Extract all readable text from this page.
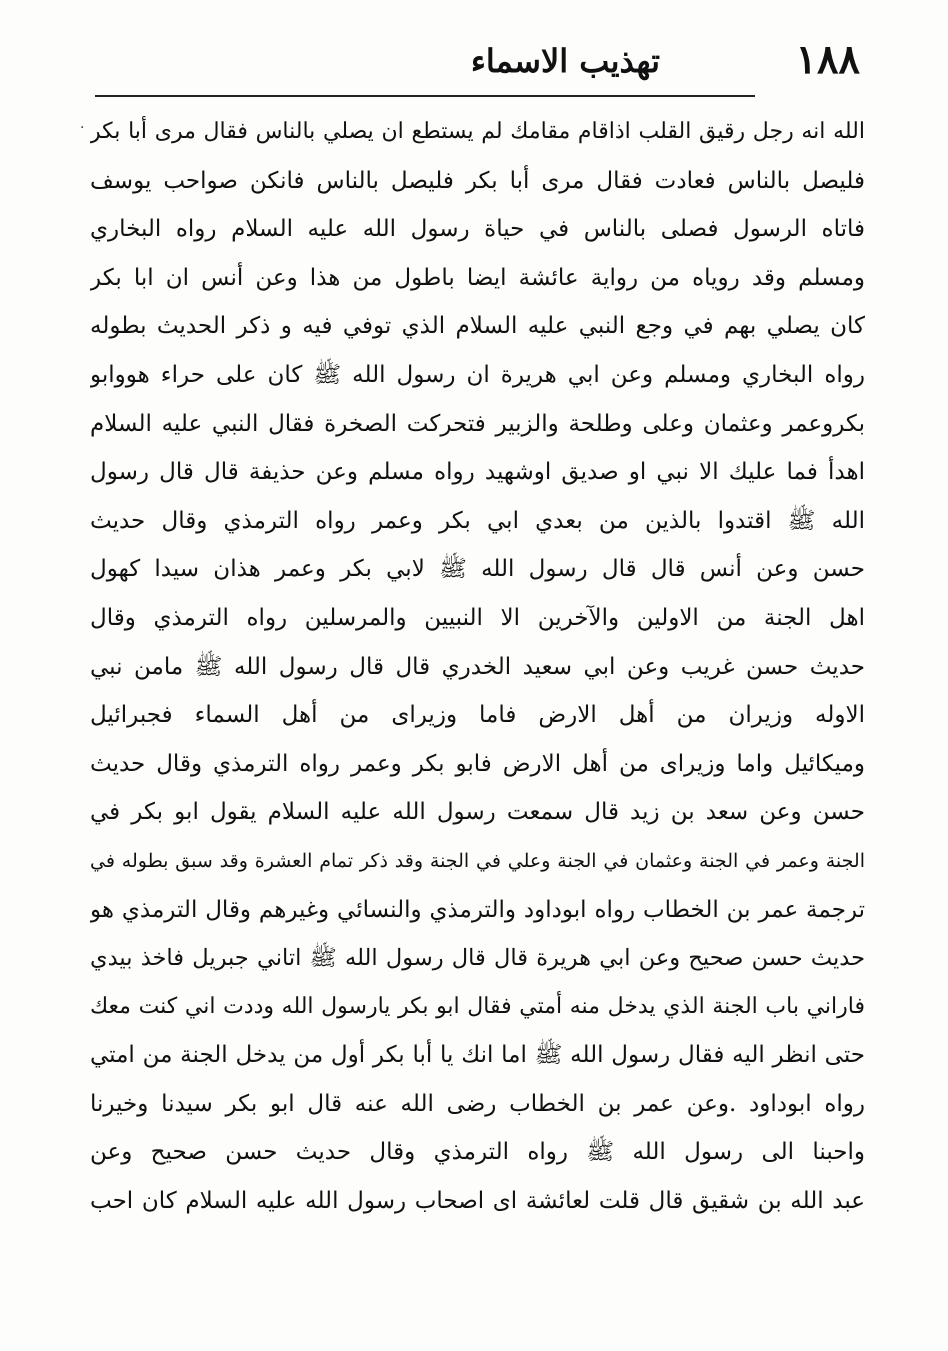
١٨٨
تهذيب الاسماء
الله انه رجل رقيق القلب اذاقام مقامك لم يستطع ان يصلي بالناس فقال مرى أبا بكر
فليصل بالناس فعادت فقال مرى أبا بكر فليصل بالناس فانكن صواحب يوسف
فاتاه الرسول فصلى بالناس في حياة رسول الله عليه السلام رواه البخاري
ومسلم وقد روياه من رواية عائشة ايضا باطول من هذا وعن أنس ان ابا بكر
كان يصلي بهم في وجع النبي عليه السلام الذي توفي فيه و ذكر الحديث بطوله
رواه البخاري ومسلم وعن ابي هريرة ان رسول الله ﷺ كان على حراء هووابو
بكروعمر وعثمان وعلى وطلحة والزبير فتحركت الصخرة فقال النبي عليه السلام
اهدأ فما عليك الا نبي او صديق اوشهيد رواه مسلم وعن حذيفة قال قال رسول
الله ﷺ اقتدوا بالذين من بعدي ابي بكر وعمر رواه الترمذي وقال حديث
حسن وعن أنس قال قال رسول الله ﷺ لابي بكر وعمر هذان سيدا كهول
اهل الجنة من الاولين والآخرين الا النبيين والمرسلين رواه الترمذي وقال
حديث حسن غريب وعن ابي سعيد الخدري قال قال رسول الله ﷺ مامن نبي
الاوله وزيران من أهل الارض فاما وزيراى من أهل السماء فجبرائيل
وميكائيل واما وزيراى من أهل الارض فابو بكر وعمر رواه الترمذي وقال حديث
حسن وعن سعد بن زيد قال سمعت رسول الله عليه السلام يقول ابو بكر في
الجنة وعمر في الجنة وعثمان في الجنة وعلي في الجنة وقد ذكر تمام العشرة وقد سبق بطوله في
ترجمة عمر بن الخطاب رواه ابوداود والترمذي والنسائي وغيرهم وقال الترمذي هو
حديث حسن صحيح وعن ابي هريرة قال قال رسول الله ﷺ اتاني جبريل فاخذ بيدي
فاراني باب الجنة الذي يدخل منه أمتي فقال ابو بكر يارسول الله وددت اني كنت معك
حتى انظر اليه فقال رسول الله ﷺ اما انك يا أبا بكر أول من يدخل الجنة من امتي
رواه ابوداود .وعن عمر بن الخطاب رضى الله عنه قال ابو بكر سيدنا وخيرنا
واحبنا الى رسول الله ﷺ رواه الترمذي وقال حديث حسن صحيح وعن
عبد الله بن شقيق قال قلت لعائشة اى اصحاب رسول الله عليه السلام كان احب
·
